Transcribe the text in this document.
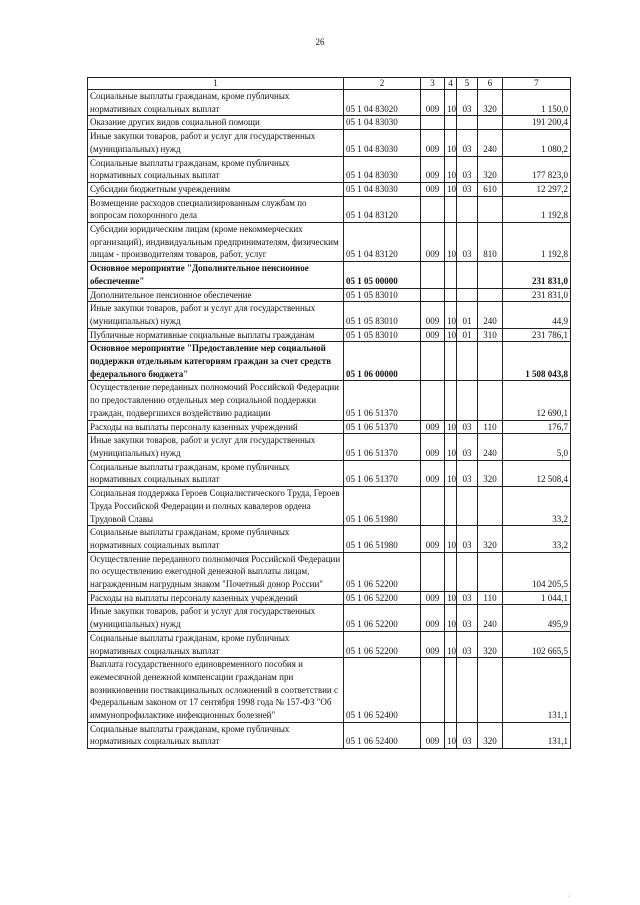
26
1	2	3	4	5	6	7
Социальные выплаты гражданам, кроме публичных нормативных социальных выплат	05 1 04 83020	009	10	03	320	1 150,0
Оказание других видов социальной помощи	05 1 04 83030					191 200,4
Иные закупки товаров, работ и услуг для государственных (муниципальных) нужд	05 1 04 83030	009	10	03	240	1 080,2
Социальные выплаты гражданам, кроме публичных нормативных социальных выплат	05 1 04 83030	009	10	03	320	177 823,0
Субсидии бюджетным учреждениям	05 1 04 83030	009	10	03	610	12 297,2
Возмещение расходов специализированным службам по вопросам похоронного дела	05 1 04 83120					1 192,8
Субсидии юридическим лицам (кроме некоммерческих организаций), индивидуальным предпринимателям, физическим лицам - производителям товаров, работ, услуг	05 1 04 83120	009	10	03	810	1 192,8
Основное мероприятие "Дополнительное пенсионное обеспечение"	05 1 05 00000					231 831,0
Дополнительное пенсионное обеспечение	05 1 05 83010					231 831,0
Иные закупки товаров, работ и услуг для государственных (муниципальных) нужд	05 1 05 83010	009	10	01	240	44,9
Публичные нормативные социальные выплаты гражданам	05 1 05 83010	009	10	01	310	231 786,1
Основное мероприятие "Предоставление мер социальной поддержки отдельным категориям граждан за счет средств федерального бюджета"	05 1 06 00000					1 508 043,8
Осуществление переданных полномочий Российской Федерации по предоставлению отдельных мер социальной поддержки граждан, подвергшихся воздействию радиации	05 1 06 51370					12 690,1
Расходы на выплаты персоналу казенных учреждений	05 1 06 51370	009	10	03	110	176,7
Иные закупки товаров, работ и услуг для государственных (муниципальных) нужд	05 1 06 51370	009	10	03	240	5,0
Социальные выплаты гражданам, кроме публичных нормативных социальных выплат	05 1 06 51370	009	10	03	320	12 508,4
Социальная поддержка Героев Социалистического Труда, Героев Труда Российской Федерации и полных кавалеров ордена Трудовой Славы	05 1 06 51980					33,2
Социальные выплаты гражданам, кроме публичных нормативных социальных выплат	05 1 06 51980	009	10	03	320	33,2
Осуществление переданного полномочия Российской Федерации по осуществлению ежегодной денежной выплаты лицам, награжденным нагрудным знаком "Почетный донор России"	05 1 06 52200					104 205,5
Расходы на выплаты персоналу казенных учреждений	05 1 06 52200	009	10	03	110	1 044,1
Иные закупки товаров, работ и услуг для государственных (муниципальных) нужд	05 1 06 52200	009	10	03	240	495,9
Социальные выплаты гражданам, кроме публичных нормативных социальных выплат	05 1 06 52200	009	10	03	320	102 665,5
Выплата государственного единовременного пособия и ежемесячной денежной компенсации гражданам при возникновении поствакцинальных осложнений в соответствии с Федеральным законом от 17 сентября 1998 года № 157-ФЗ "Об иммунопрофилактике инфекционных болезней"	05 1 06 52400					131,1
Социальные выплаты гражданам, кроме публичных нормативных социальных выплат	05 1 06 52400	009	10	03	320	131,1
·
